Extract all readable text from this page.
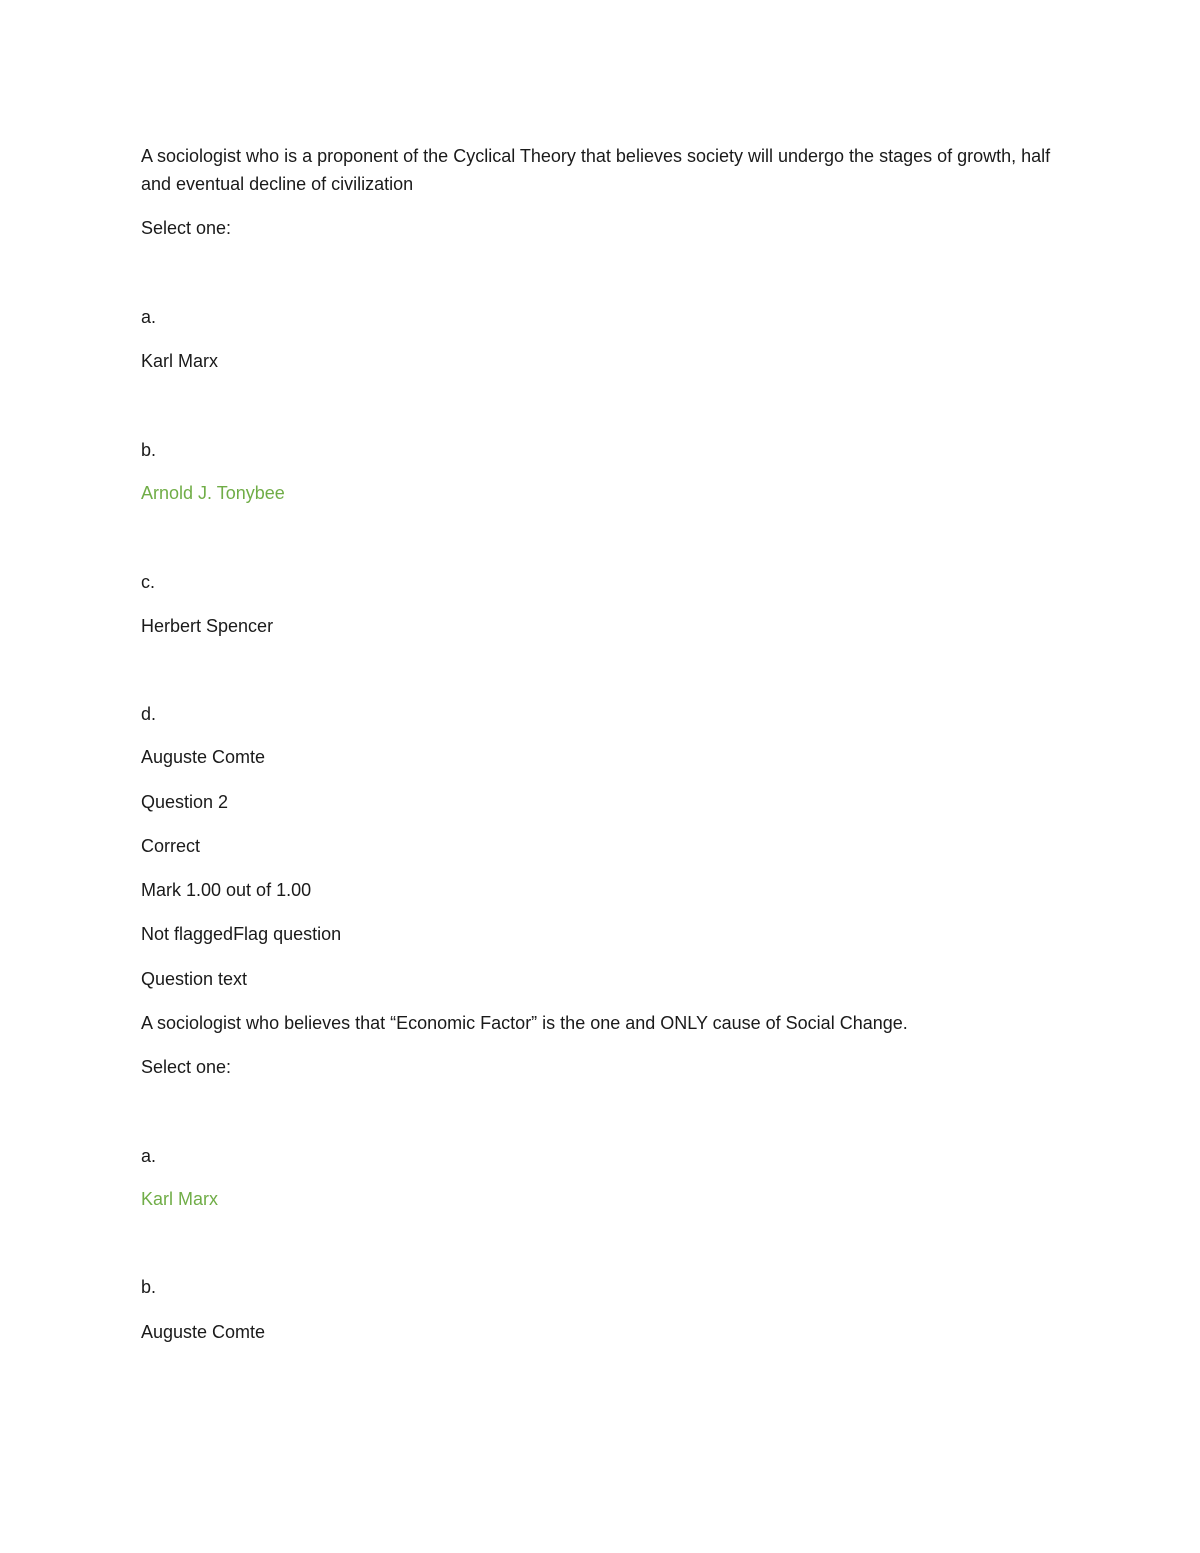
A sociologist who is a proponent of the Cyclical Theory that believes society will undergo the stages of growth, half and eventual decline of civilization
Select one:
a.
Karl Marx
b.
Arnold J. Tonybee
c.
Herbert Spencer
d.
Auguste Comte
Question 2
Correct
Mark 1.00 out of 1.00
Not flaggedFlag question
Question text
A sociologist who believes that “Economic Factor” is the one and ONLY cause of Social Change.
Select one:
a.
Karl Marx
b.
Auguste Comte
